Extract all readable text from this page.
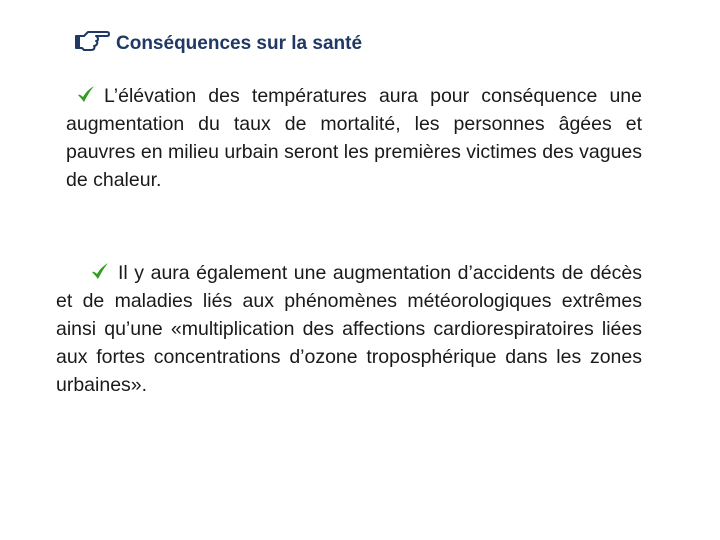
Conséquences sur la santé
L’élévation des températures aura pour conséquence une augmentation du taux de mortalité, les personnes âgées et pauvres en milieu urbain seront les premières victimes des vagues de chaleur.
Il y aura également une augmentation d’accidents de décès et de maladies liés aux phénomènes météorologiques extrêmes ainsi qu’une «multiplication des affections cardiorespiratoires liées aux fortes concentrations d’ozone troposphérique dans les zones urbaines».
